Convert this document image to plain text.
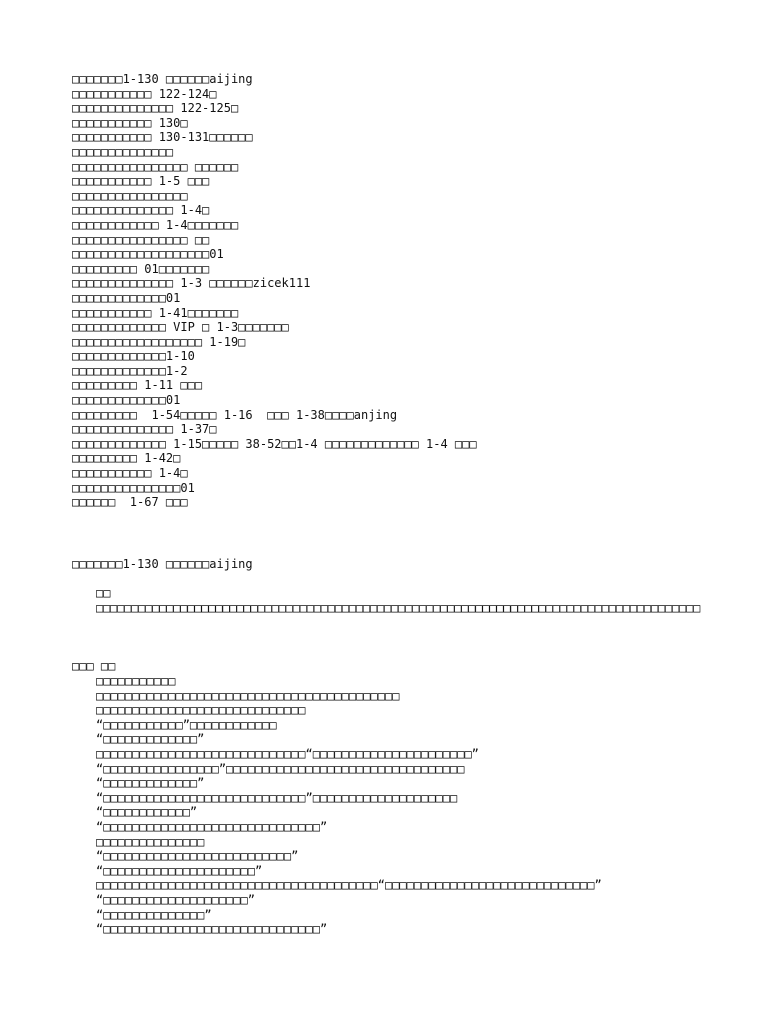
□□□□□□□1-130 □□□□□□aijing
□□□□□□□□□□□ 122-124□
□□□□□□□□□□□□□□ 122-125□
□□□□□□□□□□□ 130□
□□□□□□□□□□□ 130-131□□□□□□
□□□□□□□□□□□□□□
□□□□□□□□□□□□□□□□ □□□□□□
□□□□□□□□□□□ 1-5 □□□
□□□□□□□□□□□□□□□□
□□□□□□□□□□□□□□ 1-4□
□□□□□□□□□□□□ 1-4□□□□□□□
□□□□□□□□□□□□□□□□ □□
□□□□□□□□□□□□□□□□□□□01
□□□□□□□□□ 01□□□□□□□
□□□□□□□□□□□□□□ 1-3 □□□□□□zicek111
□□□□□□□□□□□□□01
□□□□□□□□□□□ 1-41□□□□□□□
□□□□□□□□□□□□□ VIP □ 1-3□□□□□□□
□□□□□□□□□□□□□□□□□□ 1-19□
□□□□□□□□□□□□□1-10
□□□□□□□□□□□□□1-2
□□□□□□□□□ 1-11 □□□
□□□□□□□□□□□□□01
□□□□□□□□□  1-54□□□□□ 1-16  □□□ 1-38□□□□anjing
□□□□□□□□□□□□□□ 1-37□
□□□□□□□□□□□□□ 1-15□□□□□ 38-52□□1-4 □□□□□□□□□□□□□ 1-4 □□□
□□□□□□□□□ 1-42□
□□□□□□□□□□□ 1-4□
□□□□□□□□□□□□□□□01
□□□□□□  1-67 □□□
□□□□□□□1-130 □□□□□□aijing
□□
□□□□□□□□□□□□□□□□□□□□□□□□□□□□□□□□□□□□□□□□□□□□□□□□□□□□□□□□□□□□□□□□□□□□□□□□□□□□□□□□□□□□□□
□□□ □□
□□□□□□□□□□□
□□□□□□□□□□□□□□□□□□□□□□□□□□□□□□□□□□□□□□□□□□
□□□□□□□□□□□□□□□□□□□□□□□□□□□□□
“□□□□□□□□□□□”□□□□□□□□□□□□
“□□□□□□□□□□□□□”
□□□□□□□□□□□□□□□□□□□□□□□□□□□□□“□□□□□□□□□□□□□□□□□□□□□□”
“□□□□□□□□□□□□□□□□”□□□□□□□□□□□□□□□□□□□□□□□□□□□□□□□□□
“□□□□□□□□□□□□□”
“□□□□□□□□□□□□□□□□□□□□□□□□□□□□”□□□□□□□□□□□□□□□□□□□□
“□□□□□□□□□□□□”
“□□□□□□□□□□□□□□□□□□□□□□□□□□□□□□”
□□□□□□□□□□□□□□□
“□□□□□□□□□□□□□□□□□□□□□□□□□□”
“□□□□□□□□□□□□□□□□□□□□□”
□□□□□□□□□□□□□□□□□□□□□□□□□□□□□□□□□□□□□□□“□□□□□□□□□□□□□□□□□□□□□□□□□□□□□”
“□□□□□□□□□□□□□□□□□□□□”
“□□□□□□□□□□□□□□”
“□□□□□□□□□□□□□□□□□□□□□□□□□□□□□□”
